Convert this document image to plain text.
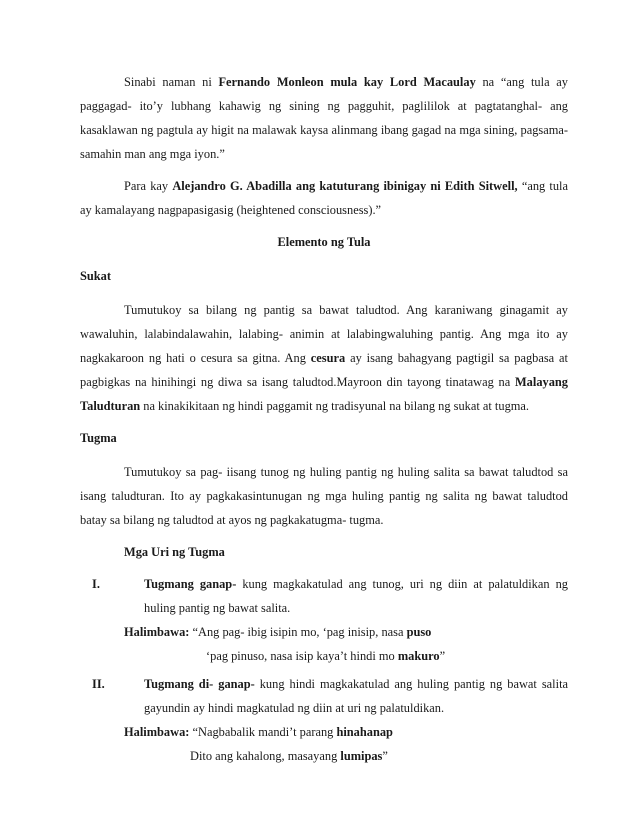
Sinabi naman ni Fernando Monleon mula kay Lord Macaulay na “ang tula ay paggagad- ito’y lubhang kahawig ng sining ng pagguhit, paglililok at pagtatanghal- ang kasaklawan ng pagtula ay higit na malawak kaysa alinmang ibang gagad na mga sining, pagsama- samahin man ang mga iyon.”

Para kay Alejandro G. Abadilla ang katuturang ibinigay ni Edith Sitwell, “ang tula ay kamalayang nagpapasigasig (heightened consciousness).”

Elemento ng Tula
Sukat

Tumutukoy sa bilang ng pantig sa bawat taludtod. Ang karaniwang ginagamit ay wawaluhin, lalabindalawahin, lalabing- animin at lalabingwaluhing pantig. Ang mga ito ay nagkakaroon ng hati o cesura sa gitna. Ang cesura ay isang bahagyang pagtigil sa pagbasa at pagbigkas na hinihingi ng diwa sa isang taludtod.Mayroon din tayong tinatawag na Malayang Taludturan na kinakikitaan ng hindi paggamit ng tradisyunal na bilang ng sukat at tugma.

Tugma

Tumutukoy sa pag- iisang tunog ng huling pantig ng huling salita sa bawat taludtod sa isang taludturan. Ito ay pagkakasintunugan ng mga huling pantig ng salita ng bawat taludtod batay sa bilang ng taludtod at ayos ng pagkakatugma- tugma.

Mga Uri ng Tugma
I.	Tugmang ganap- kung magkakatulad ang tunog, uri ng diin at palatuldikan ng huling pantig ng bawat salita.
Halimbawa: “Ang pag- ibig isipin mo, ‘pag inisip, nasa puso
‘pag pinuso, nasa isip kaya’t hindi mo makuro”
II.	Tugmang di- ganap- kung hindi magkakatulad ang huling pantig ng bawat salita gayundin ay hindi magkatulad ng diin at uri ng palatuldikan.
Halimbawa: “Nagbabalik mandi’t parang hinahanap
Dito ang kahalong, masayang lumipas”
